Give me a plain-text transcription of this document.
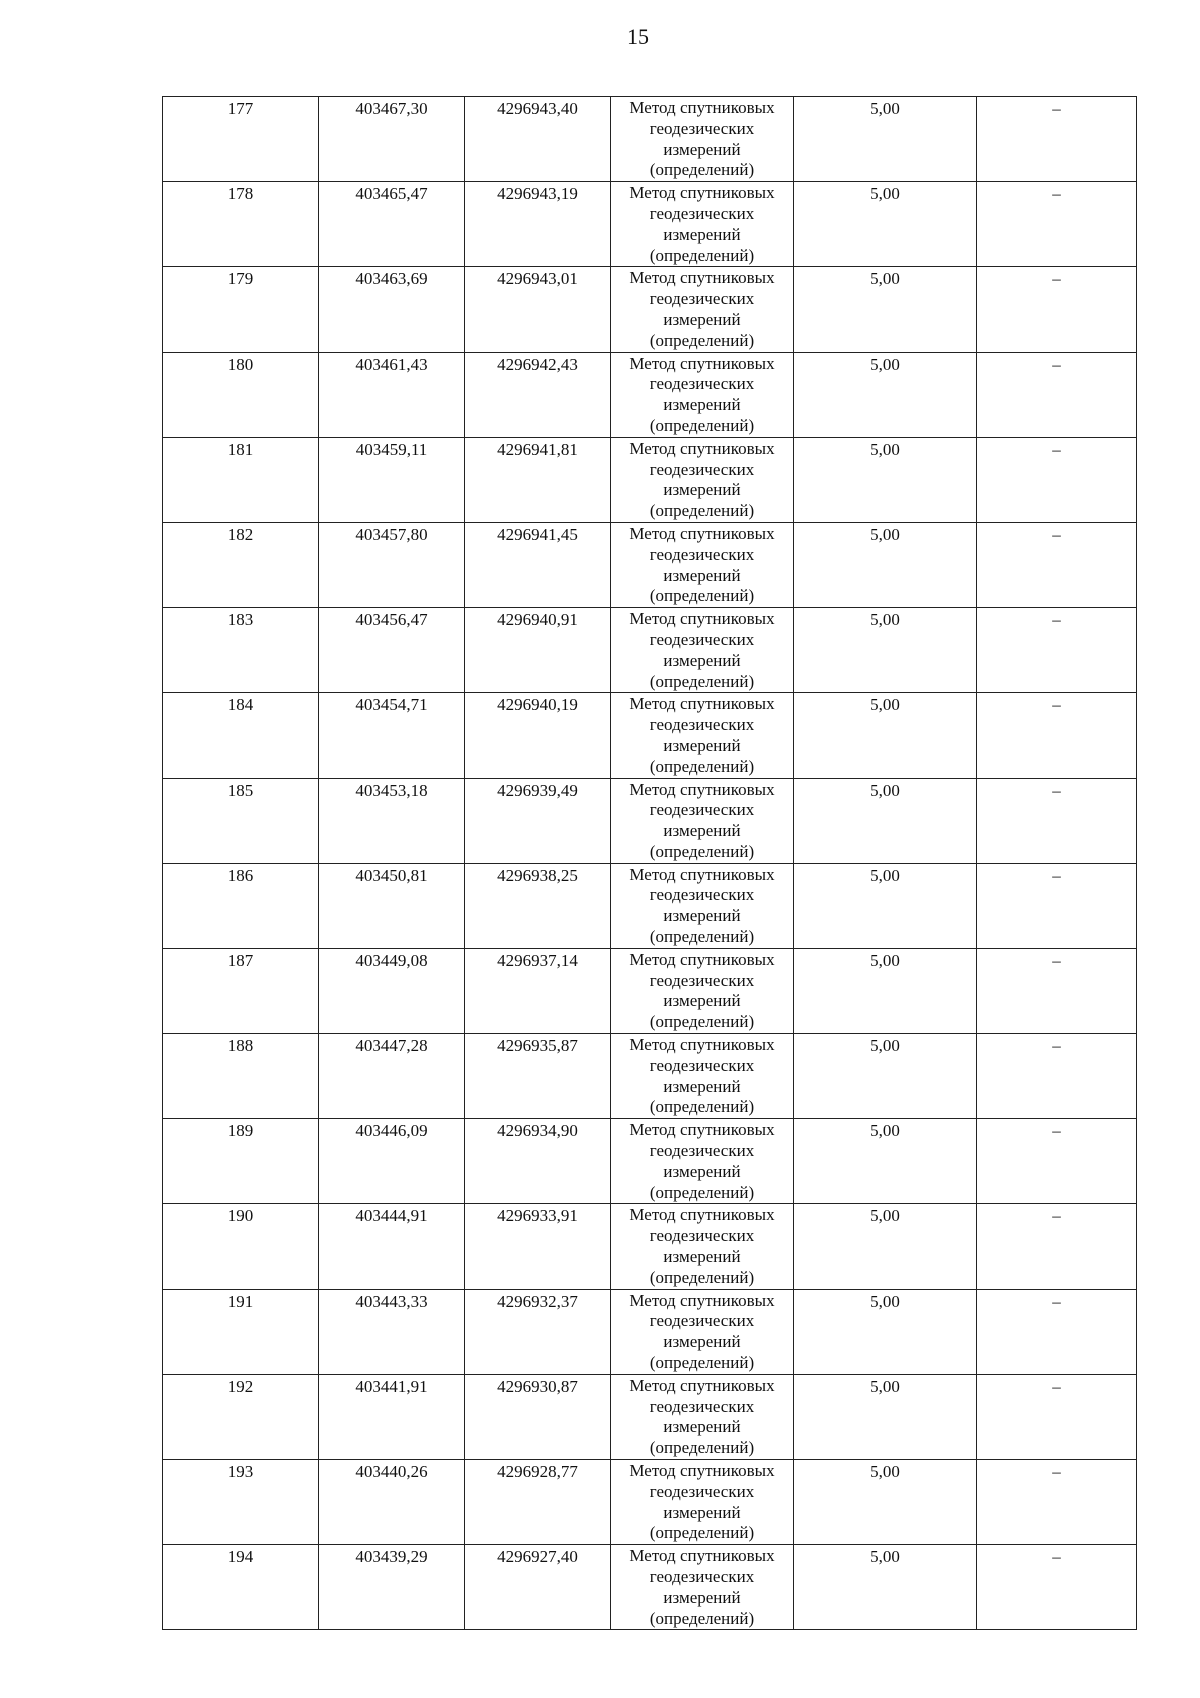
15
177	403467,30	4296943,40	Метод спутниковых
геодезических
измерений
(определений)	5,00	–
178	403465,47	4296943,19	Метод спутниковых
геодезических
измерений
(определений)	5,00	–
179	403463,69	4296943,01	Метод спутниковых
геодезических
измерений
(определений)	5,00	–
180	403461,43	4296942,43	Метод спутниковых
геодезических
измерений
(определений)	5,00	–
181	403459,11	4296941,81	Метод спутниковых
геодезических
измерений
(определений)	5,00	–
182	403457,80	4296941,45	Метод спутниковых
геодезических
измерений
(определений)	5,00	–
183	403456,47	4296940,91	Метод спутниковых
геодезических
измерений
(определений)	5,00	–
184	403454,71	4296940,19	Метод спутниковых
геодезических
измерений
(определений)	5,00	–
185	403453,18	4296939,49	Метод спутниковых
геодезических
измерений
(определений)	5,00	–
186	403450,81	4296938,25	Метод спутниковых
геодезических
измерений
(определений)	5,00	–
187	403449,08	4296937,14	Метод спутниковых
геодезических
измерений
(определений)	5,00	–
188	403447,28	4296935,87	Метод спутниковых
геодезических
измерений
(определений)	5,00	–
189	403446,09	4296934,90	Метод спутниковых
геодезических
измерений
(определений)	5,00	–
190	403444,91	4296933,91	Метод спутниковых
геодезических
измерений
(определений)	5,00	–
191	403443,33	4296932,37	Метод спутниковых
геодезических
измерений
(определений)	5,00	–
192	403441,91	4296930,87	Метод спутниковых
геодезических
измерений
(определений)	5,00	–
193	403440,26	4296928,77	Метод спутниковых
геодезических
измерений
(определений)	5,00	–
194	403439,29	4296927,40	Метод спутниковых
геодезических
измерений
(определений)	5,00	–
